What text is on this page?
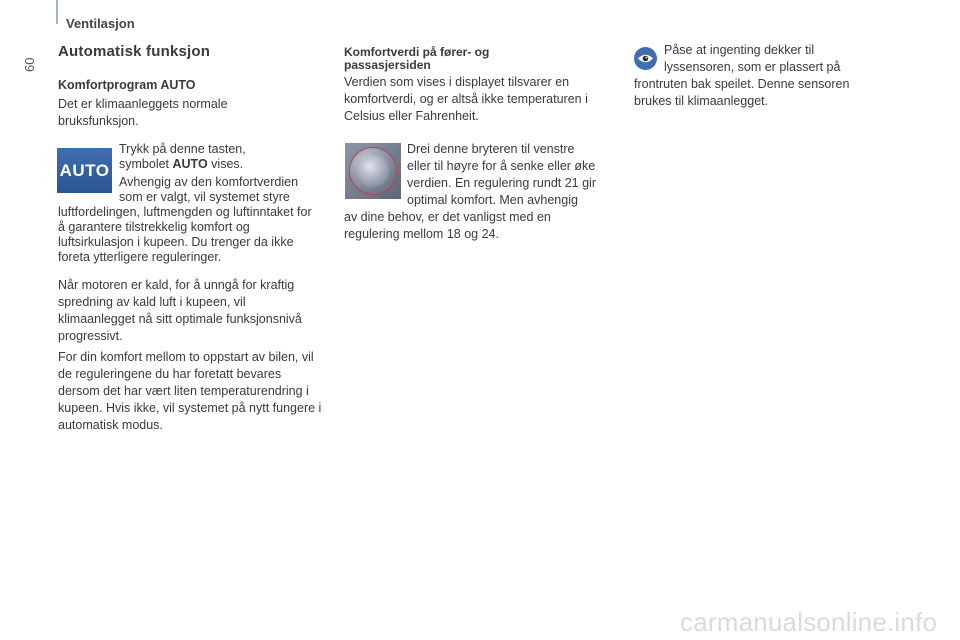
Ventilasjon
60
Automatisk funksjon
Komfortprogram AUTO

Det er klimaanleggets normale bruksfunksjon.

AUTO
Trykk på denne tasten,
symbolet AUTO vises.
Avhengig av den komfortverdien
som er valgt, vil systemet styre

luftfordelingen, luftmengden og luftinntaket for å garantere tilstrekkelig komfort og luftsirkulasjon i kupeen. Du trenger da ikke foreta ytterligere reguleringer.

Når motoren er kald, for å unngå for kraftig spredning av kald luft i kupeen, vil klimaanlegget nå sitt optimale funksjonsnivå progressivt.

For din komfort mellom to oppstart av bilen, vil de reguleringene du har foretatt bevares dersom det har vært liten temperaturendring i kupeen. Hvis ikke, vil systemet på nytt fungere i automatisk modus.

Komfortverdi på fører- og passasjersiden

Verdien som vises i displayet tilsvarer en komfortverdi, og er altså ikke temperaturen i Celsius eller Fahrenheit.

Drei denne bryteren til venstre
eller til høyre for å senke eller øke
verdien. En regulering rundt 21 gir
optimal komfort. Men avhengig

av dine behov, er det vanligst med en regulering mellom 18 og 24.

Påse at ingenting dekker til
lyssensoren, som er plassert på

frontruten bak speilet. Denne sensoren brukes til klimaanlegget.

carmanualsonline.info
